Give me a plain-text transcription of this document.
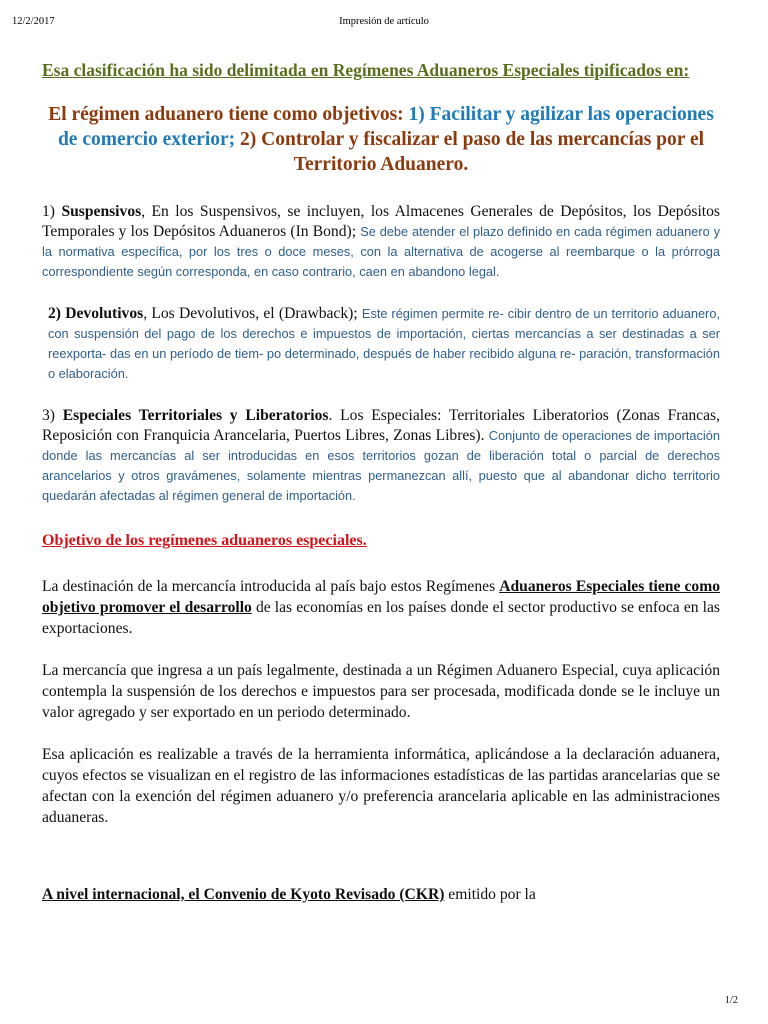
12/2/2017	Impresión de artículo

Esa clasificación ha sido delimitada en Regímenes Aduaneros Especiales tipificados en:

El régimen aduanero tiene como objetivos: 1) Facilitar y agilizar las operaciones de comercio exterior; 2) Controlar y fiscalizar el paso de las mercancías por el Territorio Aduanero.

1) Suspensivos, En los Suspensivos, se incluyen, los Almacenes Generales de Depósitos, los Depósitos Temporales y los Depósitos Aduaneros (In Bond); Se debe atender el plazo definido en cada régimen aduanero y la normativa específica, por los tres o doce meses, con la alternativa de acogerse al reembarque o la prórroga correspondiente según corresponda, en caso contrario, caen en abandono legal.

2) Devolutivos, Los Devolutivos, el (Drawback); Este régimen permite re- cibir dentro de un territorio aduanero, con suspensión del pago de los derechos e impuestos de importación, ciertas mercancías a ser destinadas a ser reexporta- das en un período de tiem- po determinado, después de haber recibido alguna re- paración, transformación o elaboración.

3) Especiales Territoriales y Liberatorios. Los Especiales: Territoriales Liberatorios (Zonas Francas, Reposición con Franquicia Arancelaria, Puertos Libres, Zonas Libres). Conjunto de operaciones de importación donde las mercancías al ser introducidas en esos territorios gozan de liberación total o parcial de derechos arancelarios y otros gravámenes, solamente mientras permanezcan allí, puesto que al abandonar dicho territorio quedarán afectadas al régimen general de importación.

Objetivo de los regímenes aduaneros especiales.

La destinación de la mercancía introducida al país bajo estos Regímenes Aduaneros Especiales tiene como objetivo promover el desarrollo de las economías en los países donde el sector productivo se enfoca en las exportaciones.

La mercancía que ingresa a un país legalmente, destinada a un Régimen Aduanero Especial, cuya aplicación contempla la suspensión de los derechos e impuestos para ser procesada, modificada donde se le incluye un valor agregado y ser exportado en un periodo determinado.

Esa aplicación es realizable a través de la herramienta informática, aplicándose a la declaración aduanera, cuyos efectos se visualizan en el registro de las informaciones estadísticas de las partidas arancelarias que se afectan con la exención del régimen aduanero y/o preferencia arancelaria aplicable en las administraciones aduaneras.

A nivel internacional, el Convenio de Kyoto Revisado (CKR) emitido por la

1/2
